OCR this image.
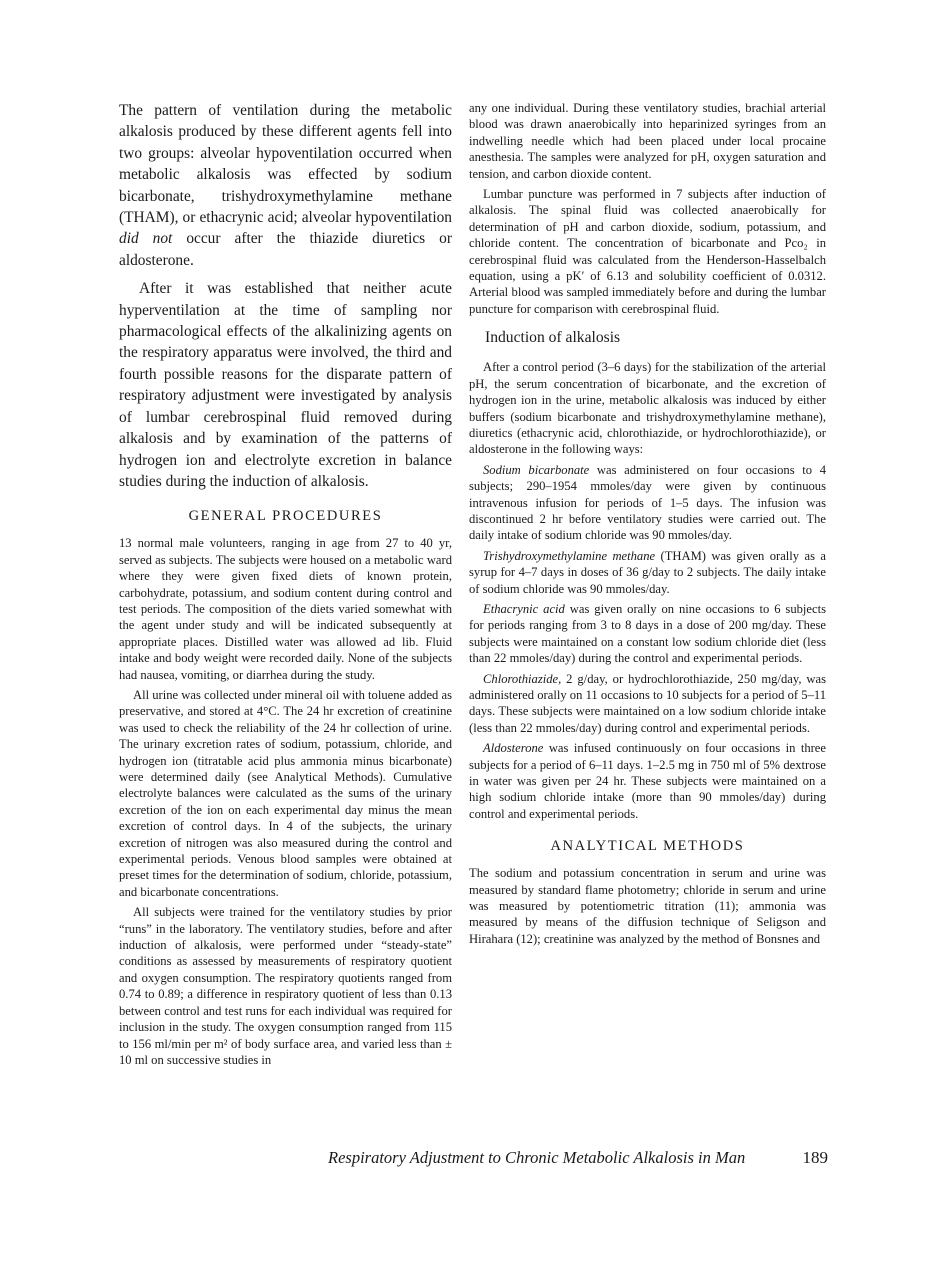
The pattern of ventilation during the metabolic alkalosis produced by these different agents fell into two groups: alveolar hypoventilation occurred when metabolic alkalosis was effected by sodium bicarbonate, trishydroxymethylamine methane (THAM), or ethacrynic acid; alveolar hypoventilation did not occur after the thiazide diuretics or aldosterone.

After it was established that neither acute hyperventilation at the time of sampling nor pharmacological effects of the alkalinizing agents on the respiratory apparatus were involved, the third and fourth possible reasons for the disparate pattern of respiratory adjustment were investigated by analysis of lumbar cerebrospinal fluid removed during alkalosis and by examination of the patterns of hydrogen ion and electrolyte excretion in balance studies during the induction of alkalosis.

GENERAL PROCEDURES

13 normal male volunteers, ranging in age from 27 to 40 yr, served as subjects. The subjects were housed on a metabolic ward where they were given fixed diets of known protein, carbohydrate, potassium, and sodium content during control and test periods. The composition of the diets varied somewhat with the agent under study and will be indicated subsequently at appropriate places. Distilled water was allowed ad lib. Fluid intake and body weight were recorded daily. None of the subjects had nausea, vomiting, or diarrhea during the study.

All urine was collected under mineral oil with toluene added as preservative, and stored at 4°C. The 24 hr excretion of creatinine was used to check the reliability of the 24 hr collection of urine. The urinary excretion rates of sodium, potassium, chloride, and hydrogen ion (titratable acid plus ammonia minus bicarbonate) were determined daily (see Analytical Methods). Cumulative electrolyte balances were calculated as the sums of the urinary excretion of the ion on each experimental day minus the mean excretion of control days. In 4 of the subjects, the urinary excretion of nitrogen was also measured during the control and experimental periods. Venous blood samples were obtained at preset times for the determination of sodium, chloride, potassium, and bicarbonate concentrations.

All subjects were trained for the ventilatory studies by prior “runs” in the laboratory. The ventilatory studies, before and after induction of alkalosis, were performed under “steady-state” conditions as assessed by measurements of respiratory quotient and oxygen consumption. The respiratory quotients ranged from 0.74 to 0.89; a difference in respiratory quotient of less than 0.13 between control and test runs for each individual was required for inclusion in the study. The oxygen consumption ranged from 115 to 156 ml/min per m² of body surface area, and varied less than ± 10 ml on successive studies in

any one individual. During these ventilatory studies, brachial arterial blood was drawn anaerobically into heparinized syringes from an indwelling needle which had been placed under local procaine anesthesia. The samples were analyzed for pH, oxygen saturation and tension, and carbon dioxide content.

Lumbar puncture was performed in 7 subjects after induction of alkalosis. The spinal fluid was collected anaerobically for determination of pH and carbon dioxide, sodium, potassium, and chloride content. The concentration of bicarbonate and Pco₂ in cerebrospinal fluid was calculated from the Henderson-Hasselbalch equation, using a pK′ of 6.13 and solubility coefficient of 0.0312. Arterial blood was sampled immediately before and during the lumbar puncture for comparison with cerebrospinal fluid.

Induction of alkalosis

After a control period (3–6 days) for the stabilization of the arterial pH, the serum concentration of bicarbonate, and the excretion of hydrogen ion in the urine, metabolic alkalosis was induced by either buffers (sodium bicarbonate and trishydroxymethylamine methane), diuretics (ethacrynic acid, chlorothiazide, or hydrochlorothiazide), or aldosterone in the following ways:

Sodium bicarbonate was administered on four occasions to 4 subjects; 290–1954 mmoles/day were given by continuous intravenous infusion for periods of 1–5 days. The infusion was discontinued 2 hr before ventilatory studies were carried out. The daily intake of sodium chloride was 90 mmoles/day.

Trishydroxymethylamine methane (THAM) was given orally as a syrup for 4–7 days in doses of 36 g/day to 2 subjects. The daily intake of sodium chloride was 90 mmoles/day.

Ethacrynic acid was given orally on nine occasions to 6 subjects for periods ranging from 3 to 8 days in a dose of 200 mg/day. These subjects were maintained on a constant low sodium chloride diet (less than 22 mmoles/day) during the control and experimental periods.

Chlorothiazide, 2 g/day, or hydrochlorothiazide, 250 mg/day, was administered orally on 11 occasions to 10 subjects for a period of 5–11 days. These subjects were maintained on a low sodium chloride intake (less than 22 mmoles/day) during control and experimental periods.

Aldosterone was infused continuously on four occasions in three subjects for a period of 6–11 days. 1–2.5 mg in 750 ml of 5% dextrose in water was given per 24 hr. These subjects were maintained on a high sodium chloride intake (more than 90 mmoles/day) during control and experimental periods.

ANALYTICAL METHODS

The sodium and potassium concentration in serum and urine was measured by standard flame photometry; chloride in serum and urine was measured by potentiometric titration (11); ammonia was measured by means of the diffusion technique of Seligson and Hirahara (12); creatinine was analyzed by the method of Bonsnes and

Respiratory Adjustment to Chronic Metabolic Alkalosis in Man	189
